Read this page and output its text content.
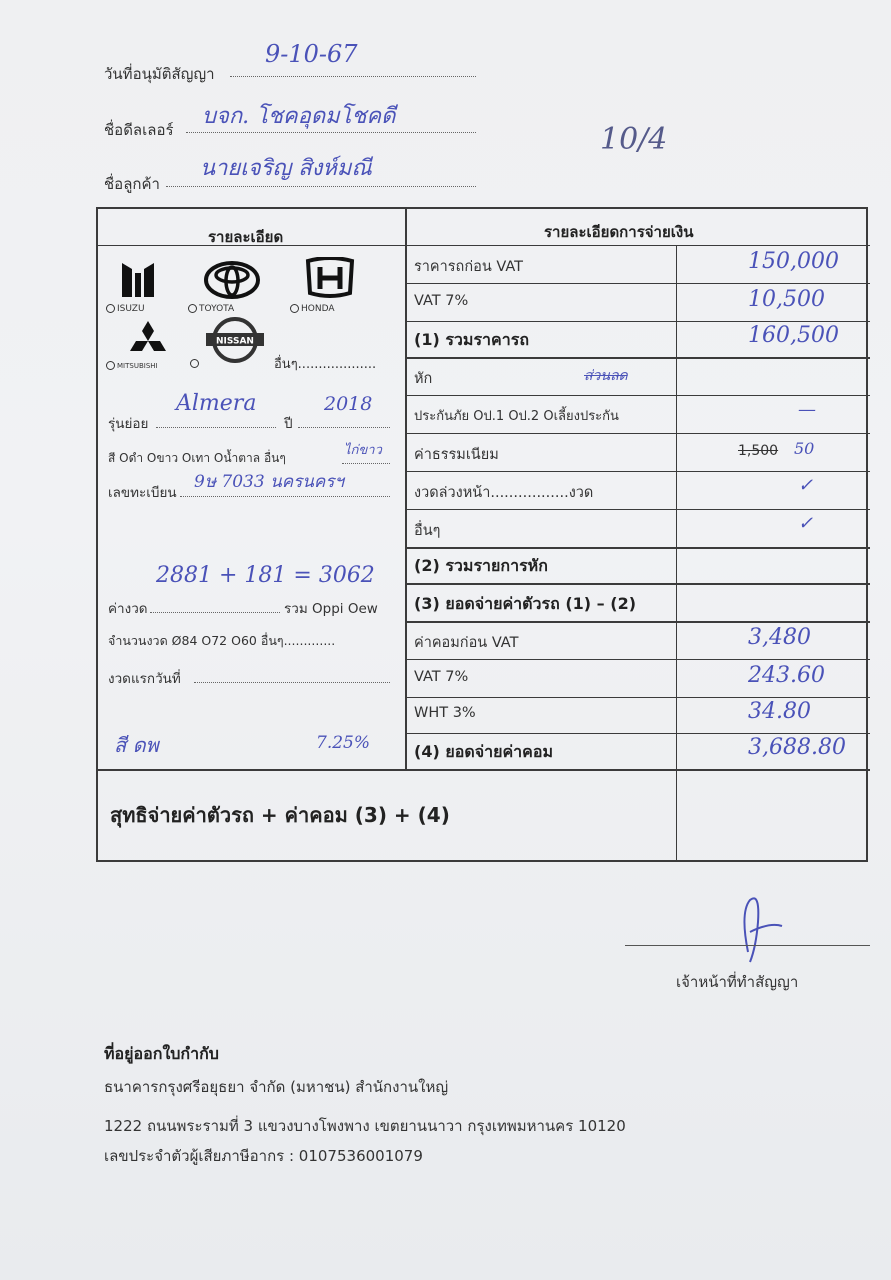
วันที่อนุมัติสัญญา
9-10-67
ชื่อดีลเลอร์
บจก. โชคอุดมโชคดี
10/4
ชื่อลูกค้า
นายเจริญ สิงห์มณี
รายละเอียด	รายละเอียดการจ่ายเงิน
ISUZU	TOYOTA	HONDA
MITSUBISHI
NISSAN
อื่นๆ...................
รุ่นย่อย
Almera
ปี
2018
สี Oดำ Oขาว Oเทา Oน้ำตาล อื่นๆ	ไก่ขาว
เลขทะเบียน
9ษ 7033 นครนครฯ
ค่างวด
2881 + 181 = 3062
รวม Oppi Oew
จำนวนงวด Ø84 O72 O60 อื่นๆ.............
งวดแรกวันที่
สี ดพ	7.25%
ราคารถก่อน VAT	150,000
VAT 7%	10,500
(1) รวมราคารถ	160,500
หัก	ส่วนลด
ประกันภัย Oป.1 Oป.2 Oเลี้ยงประกัน	—
ค่าธรรมเนียม	1,500 50
งวดล่วงหน้า.................งวด	✓
อื่นๆ	✓
(2) รวมรายการหัก
(3) ยอดจ่ายค่าตัวรถ (1) – (2)
ค่าคอมก่อน VAT	3,480
VAT 7%	243.60
WHT 3%	34.80
(4) ยอดจ่ายค่าคอม	3,688.80
สุทธิจ่ายค่าตัวรถ + ค่าคอม (3) + (4)
เจ้าหน้าที่ทำสัญญา
ที่อยู่ออกใบกำกับ
ธนาคารกรุงศรีอยุธยา จำกัด (มหาชน) สำนักงานใหญ่
1222 ถนนพระรามที่ 3 แขวงบางโพงพาง เขตยานนาวา กรุงเทพมหานคร 10120
เลขประจำตัวผู้เสียภาษีอากร : 0107536001079
